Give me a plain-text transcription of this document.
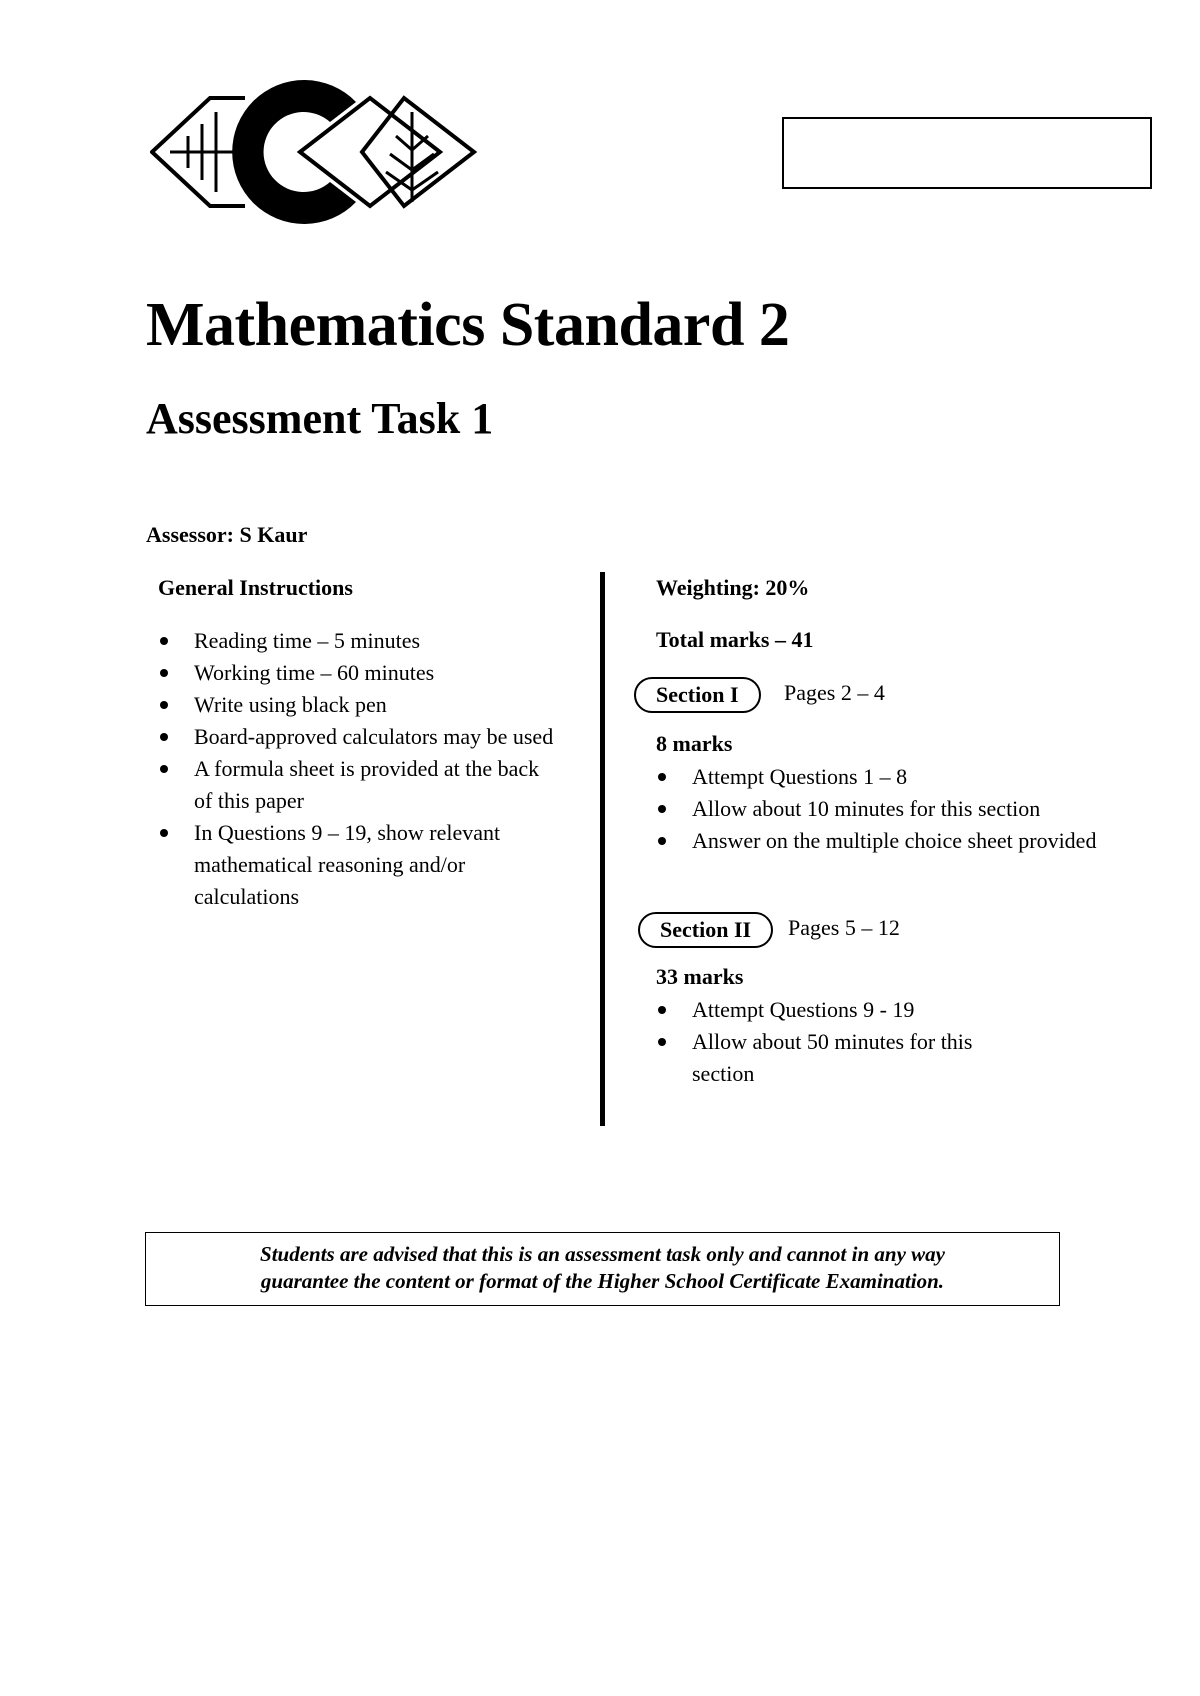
Mathematics Standard 2
Assessment Task 1
Assessor: S Kaur
General Instructions
Reading time – 5 minutes
Working time – 60 minutes
Write using black pen
Board-approved calculators may be used
A formula sheet is provided at the back of this paper
In Questions 9 – 19, show relevant mathematical reasoning and/or calculations
Weighting: 20%
Total marks – 41
Section I	Pages 2 – 4
8 marks
Attempt Questions 1 – 8
Allow about 10 minutes for this section
Answer on the multiple choice sheet provided
Section II	Pages 5 – 12
33 marks
Attempt Questions 9 - 19
Allow about 50 minutes for this section
Students are advised that this is an assessment task only and cannot in any way
guarantee the content or format of the Higher School Certificate Examination.
